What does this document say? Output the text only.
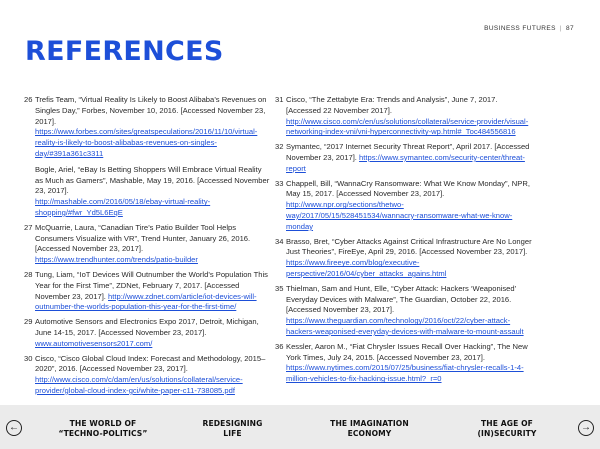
BUSINESS FUTURES | 87
REFERENCES
26 Trefis Team, “Virtual Reality Is Likely to Boost Alibaba’s Revenues on Singles Day,” Forbes, November 10, 2016. [Accessed November 23, 2017]. https://www.forbes.com/sites/greatspeculations/2016/11/10/virtual-reality-is-likely-to-boost-alibabas-revenues-on-singles-day/#391a361c3311
Bogle, Ariel, “eBay Is Betting Shoppers Will Embrace Virtual Reality as Much as Gamers”, Mashable, May 19, 2016. [Accessed November 23, 2017].
http://mashable.com/2016/05/18/ebay-virtual-reality-shopping/#fwr_Yd5L6EqE
27 McQuarrie, Laura, “Canadian Tire’s Patio Builder Tool Helps Consumers Visualize with VR”, Trend Hunter, January 26, 2016. [Accessed November 23, 2017]. https://www.trendhunter.com/trends/patio-builder
28 Tung, Liam, “IoT Devices Will Outnumber the World’s Population This Year for the First Time”, ZDNet, February 7, 2017. [Accessed November 23, 2017]. http://www.zdnet.com/article/iot-devices-will-outnumber-the-worlds-population-this-year-for-the-first-time/
29 Automotive Sensors and Electronics Expo 2017, Detroit, Michigan, June 14-15, 2017. [Accessed November 23, 2017]. www.automotivesensors2017.com/
30 Cisco, “Cisco Global Cloud Index: Forecast and Methodology, 2015–2020”, 2016. [Accessed November 23, 2017]. http://www.cisco.com/c/dam/en/us/solutions/collateral/service-provider/global-cloud-index-gci/white-paper-c11-738085.pdf
31 Cisco, “The Zettabyte Era: Trends and Analysis”, June 7, 2017. [Accessed 22 November 2017]. http://www.cisco.com/c/en/us/solutions/collateral/service-provider/visual-networking-index-vni/vni-hyperconnectivity-wp.html#_Toc484556816
32 Symantec, “2017 Internet Security Threat Report”, April 2017. [Accessed November 23, 2017]. https://www.symantec.com/security-center/threat-report
33 Chappell, Bill, “WannaCry Ransomware: What We Know Monday”, NPR, May 15, 2017. [Accessed November 23, 2017]. http://www.npr.org/sections/thetwo-way/2017/05/15/528451534/wannacry-ransomware-what-we-know-monday
34 Brasso, Bret, “Cyber Attacks Against Critical Infrastructure Are No Longer Just Theories”, FireEye, April 29, 2016. [Accessed November 23, 2017]. https://www.fireeye.com/blog/executive-perspective/2016/04/cyber_attacks_agains.html
35 Thielman, Sam and Hunt, Elle, “Cyber Attack: Hackers ‘Weaponised’ Everyday Devices with Malware”, The Guardian, October 22, 2016. [Accessed November 23, 2017]. https://www.theguardian.com/technology/2016/oct/22/cyber-attack-hackers-weaponised-everyday-devices-with-malware-to-mount-assault
36 Kessler, Aaron M., “Fiat Chrysler Issues Recall Over Hacking”, The New York Times, July 24, 2015. [Accessed November 23, 2017]. https://www.nytimes.com/2015/07/25/business/fiat-chrysler-recalls-1-4-million-vehicles-to-fix-hacking-issue.html?_r=0
←	THE WORLD OF
“TECHNO-POLITICS”
REDESIGNING
LIFE
THE IMAGINATION
ECONOMY
THE AGE OF
(IN)SECURITY	→
